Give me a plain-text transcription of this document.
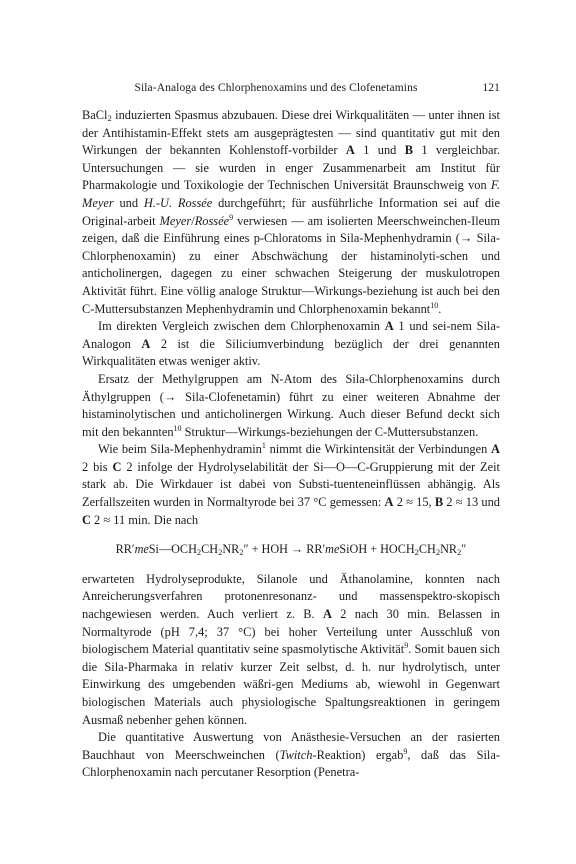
Sila-Analoga des Chlorphenoxamins und des Clofenetamins	121

BaCl$_2$ induzierten Spasmus abzubauen. Diese drei Wirkqualitäten — unter ihnen ist der Antihistamin-Effekt stets am ausgeprägtesten — sind quantitativ gut mit den Wirkungen der bekannten Kohlenstoff-vorbilder A 1 und B 1 vergleichbar. Untersuchungen — sie wurden in enger Zusammenarbeit am Institut für Pharmakologie und Toxikologie der Technischen Universität Braunschweig von F. Meyer und H.-U. Rossée durchgeführt; für ausführliche Information sei auf die Original-arbeit Meyer/Rossée$^9$ verwiesen — am isolierten Meerschweinchen-Ileum zeigen, daß die Einführung eines p-Chloratoms in Sila-Mephenhydramin (→ Sila-Chlorphenoxamin) zu einer Abschwächung der histaminolyti-schen und anticholinergen, dagegen zu einer schwachen Steigerung der muskulotropen Aktivität führt. Eine völlig analoge Struktur—Wirkungs-beziehung ist auch bei den C-Muttersubstanzen Mephenhydramin und Chlorphenoxamin bekannt$^{10}$.

Im direkten Vergleich zwischen dem Chlorphenoxamin A 1 und sei-nem Sila-Analogon A 2 ist die Siliciumverbindung bezüglich der drei genannten Wirkqualitäten etwas weniger aktiv.

Ersatz der Methylgruppen am N-Atom des Sila-Chlorphenoxamins durch Äthylgruppen (→ Sila-Clofenetamin) führt zu einer weiteren Abnahme der histaminolytischen und anticholinergen Wirkung. Auch dieser Befund deckt sich mit den bekannten$^{10}$ Struktur—Wirkungs-beziehungen der C-Muttersubstanzen.

Wie beim Sila-Mephenhydramin$^1$ nimmt die Wirkintensität der Verbindungen A 2 bis C 2 infolge der Hydrolyselabilität der Si—O—C-Gruppierung mit der Zeit stark ab. Die Wirkdauer ist dabei von Substi-tuenteneinflüssen abhängig. Als Zerfallszeiten wurden in Normaltyrode bei 37 °C gemessen: A 2 ≈ 15, B 2 ≈ 13 und C 2 ≈ 11 min. Die nach

$RR'meSi—OCH_2CH_2NR_2''$ + HOH → RR′meSiOH + $HOCH_2CH_2NR_2''$

erwarteten Hydrolyseprodukte, Silanole und Äthanolamine, konnten nach Anreicherungsverfahren protonenresonanz- und massenspektro-skopisch nachgewiesen werden. Auch verliert z. B. A 2 nach 30 min. Belassen in Normaltyrode (pH 7,4; 37 °C) bei hoher Verteilung unter Ausschluß von biologischem Material quantitativ seine spasmolytische Aktivität$^9$. Somit bauen sich die Sila-Pharmaka in relativ kurzer Zeit selbst, d. h. nur hydrolytisch, unter Einwirkung des umgebenden wäßri-gen Mediums ab, wiewohl in Gegenwart biologischen Materials auch physiologische Spaltungsreaktionen in geringem Ausmaß nebenher gehen können.

Die quantitative Auswertung von Anästhesie-Versuchen an der rasierten Bauchhaut von Meerschweinchen (Twitch-Reaktion) ergab$^9$, daß das Sila-Chlorphenoxamin nach percutaner Resorption (Penetra-
